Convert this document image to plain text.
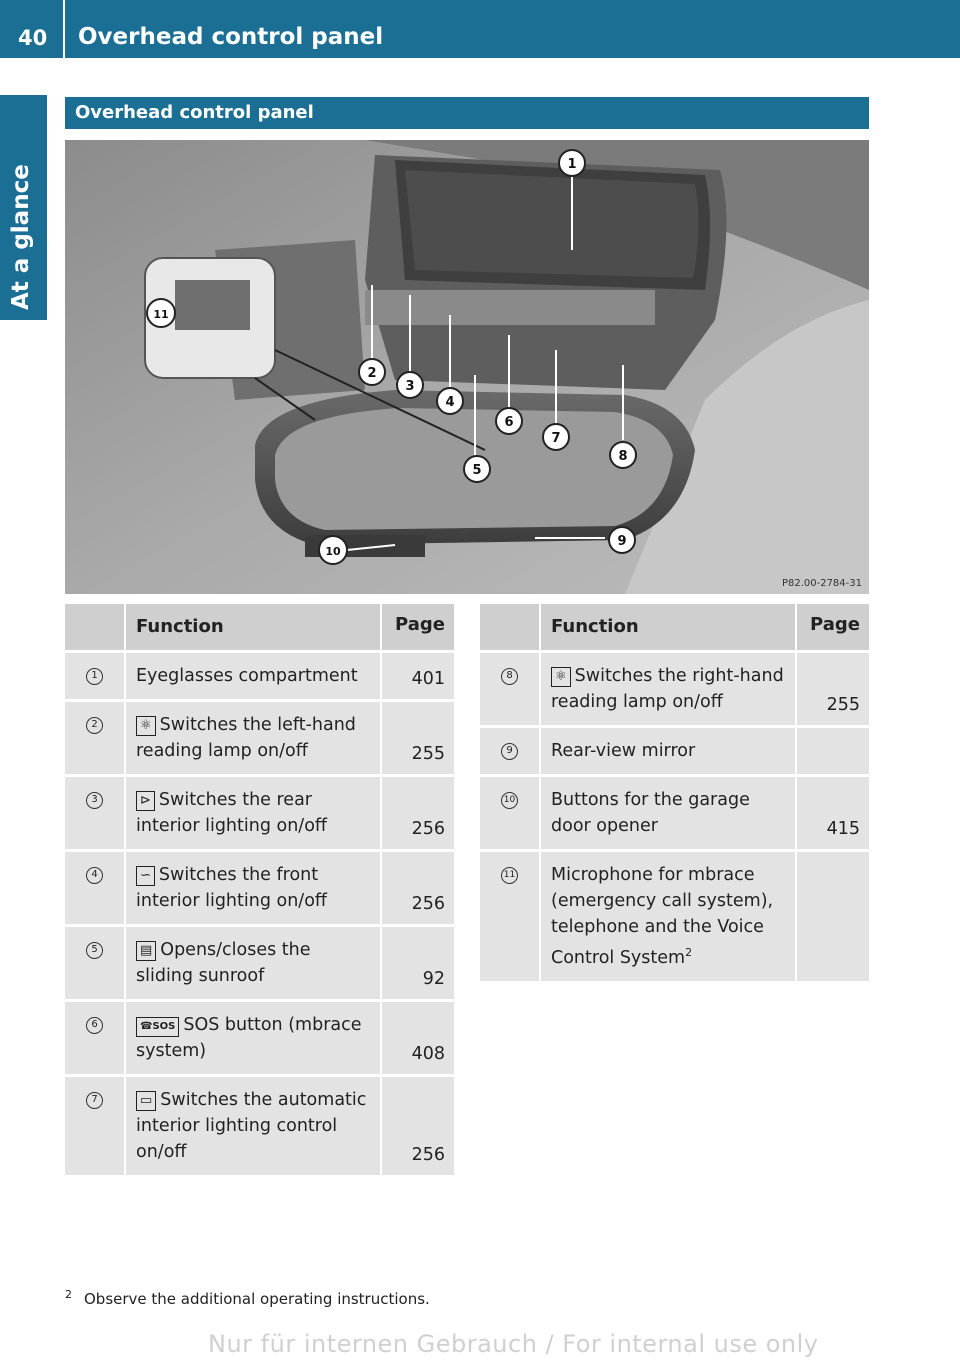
40 Overhead control panel
At a glance
Overhead control panel
1
2
3
4
5
6
7
8
9
10
11
P82.00-2784-31
	Function	Page
1	Eyeglasses compartment	401
2	⚛ Switches the left-hand reading lamp on/off	255
3	⊳ Switches the rear interior lighting on/off	256
4	∽ Switches the front interior lighting on/off	256
5	▤ Opens/closes the sliding sunroof	92
6	☎SOS SOS button (mbrace system)	408
7	▭ Switches the automatic interior lighting control on/off	256
	Function	Page
8	⚛ Switches the right-hand reading lamp on/off	255
9	Rear-view mirror	
10	Buttons for the garage door opener	415
11	Microphone for mbrace (emergency call system), telephone and the Voice Control System$^2$	
$^2$ Observe the additional operating instructions.
Nur für internen Gebrauch / For internal use only
